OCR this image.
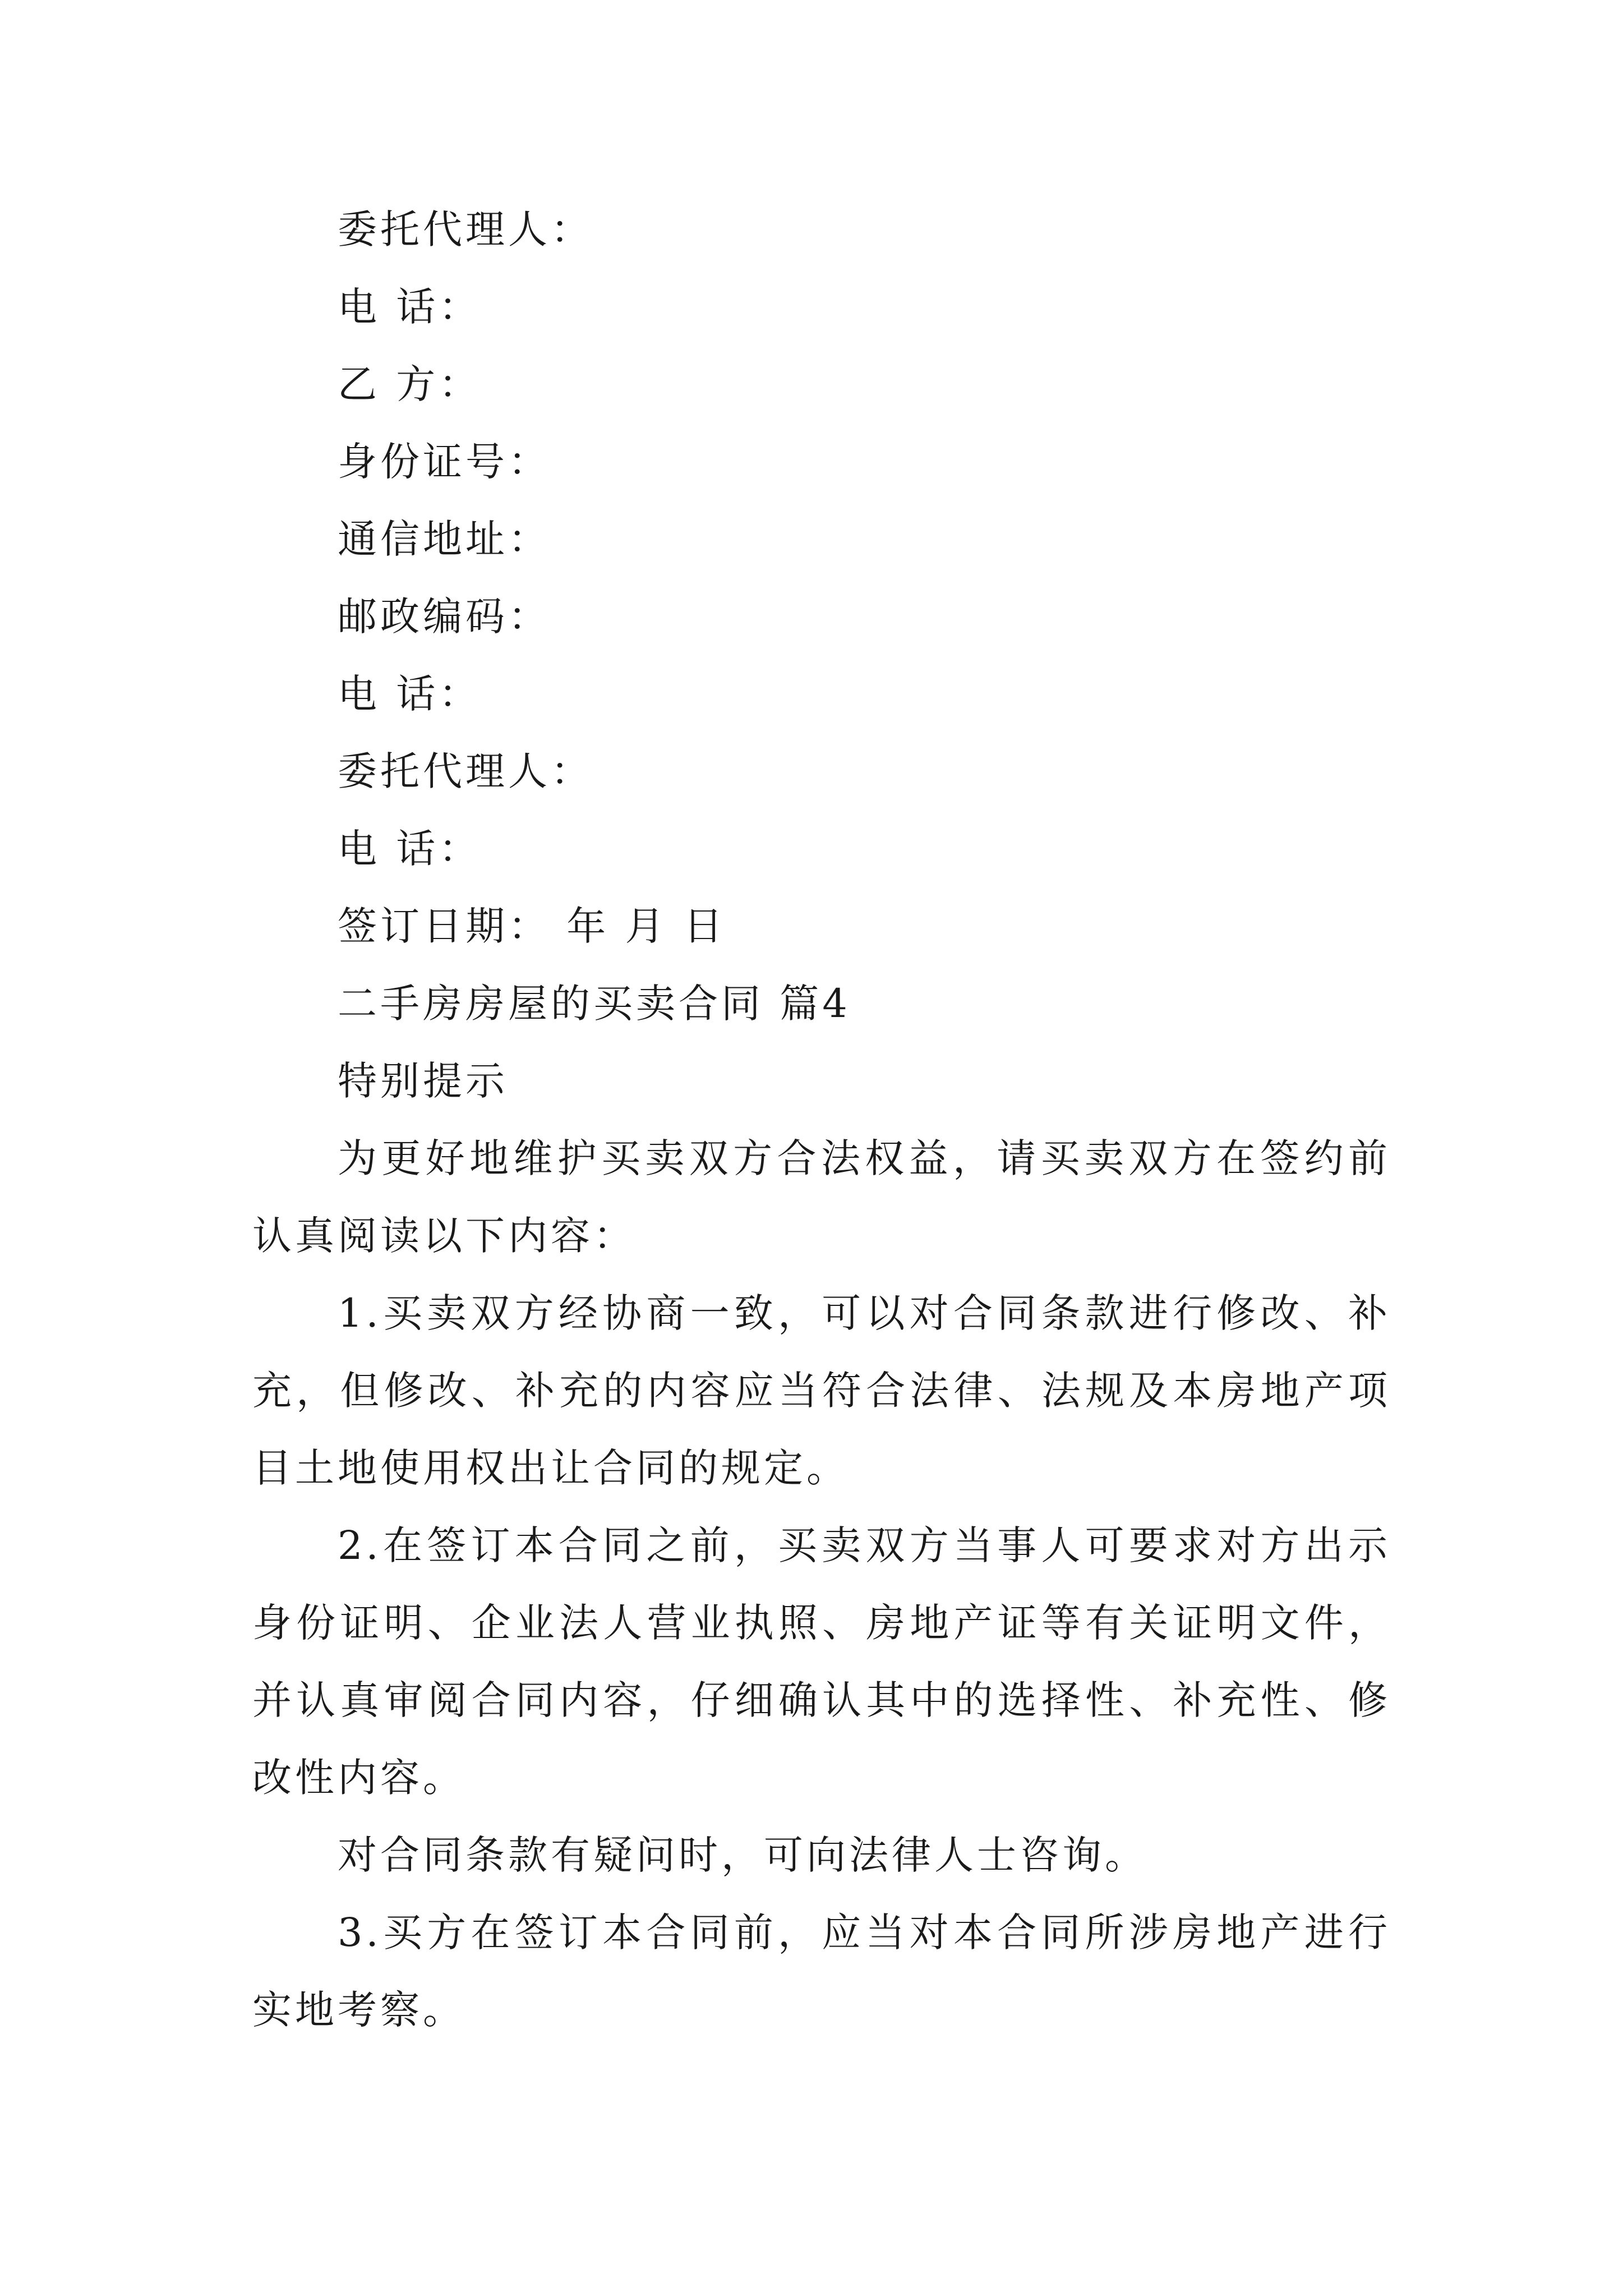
委托代理人：

电 话：

乙 方：

身份证号：

通信地址：

邮政编码：

电 话：

委托代理人：

电 话：

签订日期： 年 月 日

二手房房屋的买卖合同 篇4

特别提示

为更好地维护买卖双方合法权益，请买卖双方在签约前认真阅读以下内容：

1.买卖双方经协商一致，可以对合同条款进行修改、补充，但修改、补充的内容应当符合法律、法规及本房地产项目土地使用权出让合同的规定。

2.在签订本合同之前，买卖双方当事人可要求对方出示身份证明、企业法人营业执照、房地产证等有关证明文件，并认真审阅合同内容，仔细确认其中的选择性、补充性、修改性内容。

对合同条款有疑问时，可向法律人士咨询。

3.买方在签订本合同前，应当对本合同所涉房地产进行实地考察。
